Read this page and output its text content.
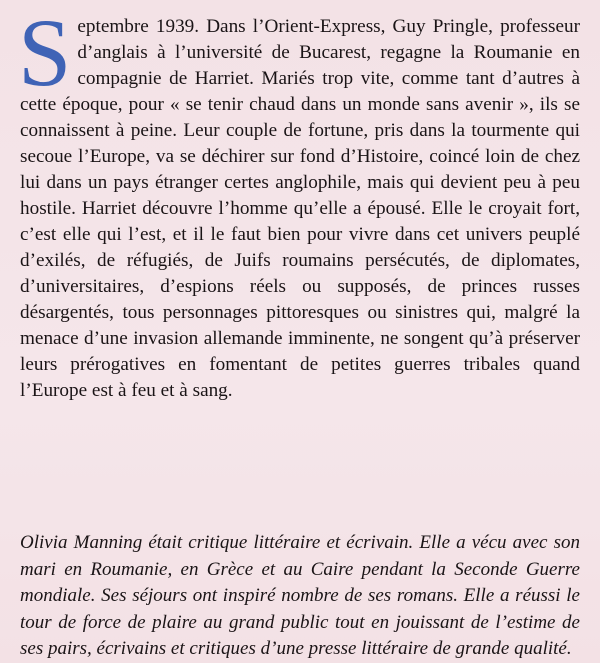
Septembre 1939. Dans l’Orient-Express, Guy Pringle, professeur d’anglais à l’université de Bucarest, regagne la Roumanie en compagnie de Harriet. Mariés trop vite, comme tant d’autres à cette époque, pour « se tenir chaud dans un monde sans avenir », ils se connaissent à peine. Leur couple de fortune, pris dans la tourmente qui secoue l’Europe, va se déchirer sur fond d’Histoire, coincé loin de chez lui dans un pays étranger certes anglophile, mais qui devient peu à peu hostile. Harriet découvre l’homme qu’elle a épousé. Elle le croyait fort, c’est elle qui l’est, et il le faut bien pour vivre dans cet univers peuplé d’exilés, de réfugiés, de Juifs roumains persécutés, de diplomates, d’universitaires, d’espions réels ou supposés, de princes russes désargentés, tous personnages pittoresques ou sinistres qui, malgré la menace d’une invasion allemande imminente, ne songent qu’à préserver leurs prérogatives en fomentant de petites guerres tribales quand l’Europe est à feu et à sang.

Olivia Manning était critique littéraire et écrivain. Elle a vécu avec son mari en Roumanie, en Grèce et au Caire pendant la Seconde Guerre mondiale. Ses séjours ont inspiré nombre de ses romans. Elle a réussi le tour de force de plaire au grand public tout en jouissant de l’estime de ses pairs, écrivains et critiques d’une presse littéraire de grande qualité.
